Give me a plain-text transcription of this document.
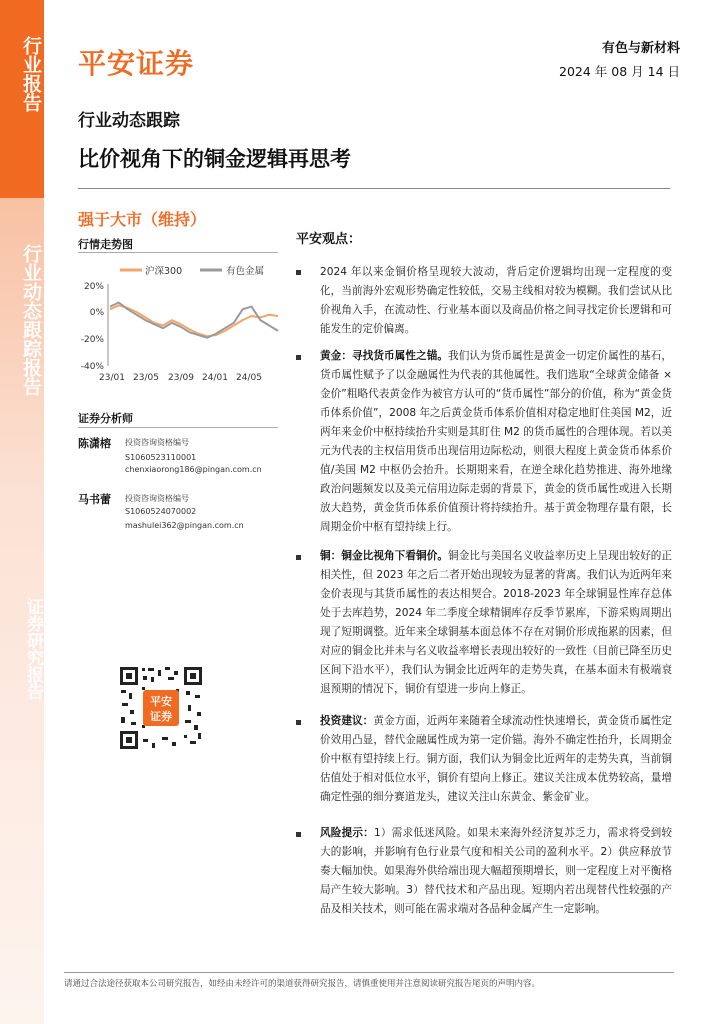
行业报告
行业动态跟踪报告
证券研究报告
平安证券	有色与新材料
2024 年 08 月 14 日
行业动态跟踪
比价视角下的铜金逻辑再思考
强于大市（维持）
行情走势图
沪深300	有色金属
20%
0%
-20%
-40%
23/01 23/05 23/09 24/01 24/05
证券分析师
陈潇榕 投资咨询资格编号
S1060523110001
chenxiaorong186@pingan.com.cn
马书蕾 投资咨询资格编号
S1060524070002
mashulei362@pingan.com.cn
平安
证券
平安观点：
2024 年以来金铜价格呈现较大波动，背后定价逻辑均出现一定程度的变化，当前海外宏观形势确定性较低，交易主线相对较为模糊。我们尝试从比价视角入手，在流动性、行业基本面以及商品价格之间寻找定价长逻辑和可能发生的定价偏离。
黄金：寻找货币属性之锚。我们认为货币属性是黄金一切定价属性的基石，货币属性赋予了以金融属性为代表的其他属性。我们选取“全球黄金储备 ×金价”粗略代表黄金作为被官方认可的“货币属性”部分的价值，称为“黄金货币体系价值”，2008 年之后黄金货币体系价值相对稳定地盯住美国 M2，近两年来金价中枢持续抬升实则是其盯住 M2 的货币属性的合理体现。若以美元为代表的主权信用货币出现信用边际松动，则很大程度上黄金货币体系价值/美国 M2 中枢仍会抬升。长期期来看，在逆全球化趋势推进、海外地缘政治问题频发以及美元信用边际走弱的背景下，黄金的货币属性或进入长期放大趋势，黄金货币体系价值预计将持续抬升。基于黄金物理存量有限，长周期金价中枢有望持续上行。
铜：铜金比视角下看铜价。铜金比与美国名义收益率历史上呈现出较好的正相关性，但 2023 年之后二者开始出现较为显著的背离。我们认为近两年来金价表现与其货币属性的表达相契合。2018-2023 年全球铜显性库存总体处于去库趋势，2024 年二季度全球精铜库存反季节累库，下游采购周期出现了短期调整。近年来全球铜基本面总体不存在对铜价形成拖累的因素，但对应的铜金比并未与名义收益率增长表现出较好的一致性（目前已降至历史区间下沿水平），我们认为铜金比近两年的走势失真，在基本面未有极端衰退预期的情况下，铜价有望进一步向上修正。
投资建议：黄金方面，近两年来随着全球流动性快速增长，黄金货币属性定价效用凸显，替代金融属性成为第一定价锚。海外不确定性抬升，长周期金价中枢有望持续上行。铜方面，我们认为铜金比近两年的走势失真，当前铜估值处于相对低位水平，铜价有望向上修正。建议关注成本优势较高，量增确定性强的细分赛道龙头，建议关注山东黄金、紫金矿业。
风险提示：1）需求低迷风险。如果未来海外经济复苏乏力，需求将受到较大的影响，并影响有色行业景气度和相关公司的盈利水平。2）供应释放节奏大幅加快。如果海外供给端出现大幅超预期增长，则一定程度上对平衡格局产生较大影响。3）替代技术和产品出现。短期内若出现替代性较强的产品及相关技术，则可能在需求端对各品种金属产生一定影响。
请通过合法途径获取本公司研究报告，如经由未经许可的渠道获得研究报告，请慎重使用并注意阅读研究报告尾页的声明内容。
